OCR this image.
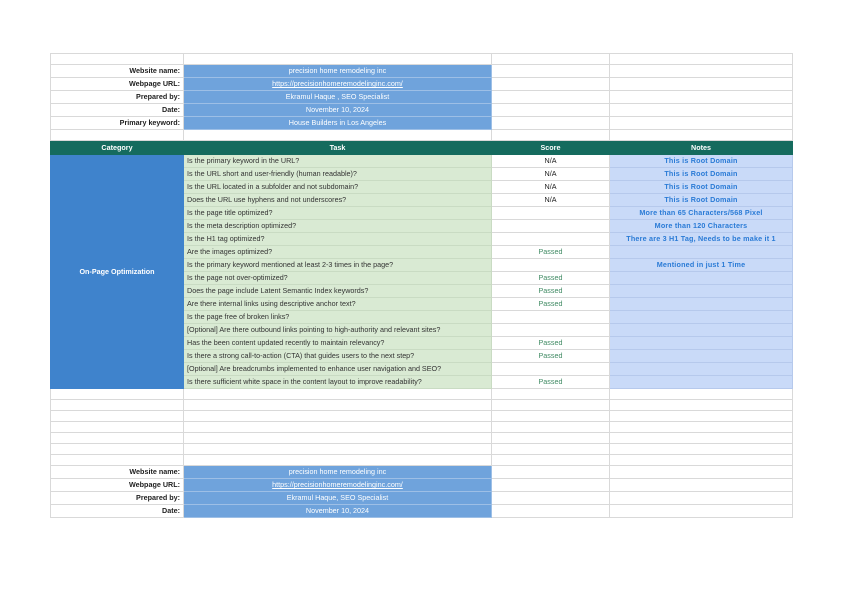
Website name:	precision home remodeling inc		
Webpage URL:	https://precisionhomeremodelinginc.com/		
Prepared by:	Ekramul Haque , SEO Specialist		
Date:	November 10, 2024		
Primary keyword:	House Builders in Los Angeles		

Category	Task	Score	Notes
On-Page Optimization	Is the primary keyword in the URL?	N/A	This is Root Domain
	Is the URL short and user-friendly (human readable)?	N/A	This is Root Domain
	Is the URL located in a subfolder and not subdomain?	N/A	This is Root Domain
	Does the URL use hyphens and not underscores?	N/A	This is Root Domain
	Is the page title optimized?		More than 65 Characters/568 Pixel
	Is the meta description optimized?		More than 120 Characters
	Is the H1 tag optimized?		There are 3 H1 Tag, Needs to be make it 1
	Are the images optimized?	Passed	
	Is the primary keyword mentioned at least 2-3 times in the page?		Mentioned in just 1 Time
	Is the page not over-optimized?	Passed	
	Does the page include Latent Semantic Index keywords?	Passed	
	Are there internal links using descriptive anchor text?	Passed	
	Is the page free of broken links?		
	[Optional] Are there outbound links pointing to high-authority and relevant sites?		
	Has the been content updated recently to maintain relevancy?	Passed	
	Is there a strong call-to-action (CTA) that guides users to the next step?	Passed	
	[Optional] Are breadcrumbs implemented to enhance user navigation and SEO?		
	Is there sufficient white space in the content layout to improve readability?	Passed	

Website name:	precision home remodeling inc		
Webpage URL:	https://precisionhomeremodelinginc.com/		
Prepared by:	Ekramul Haque, SEO Specialist		
Date:	November 10, 2024		
